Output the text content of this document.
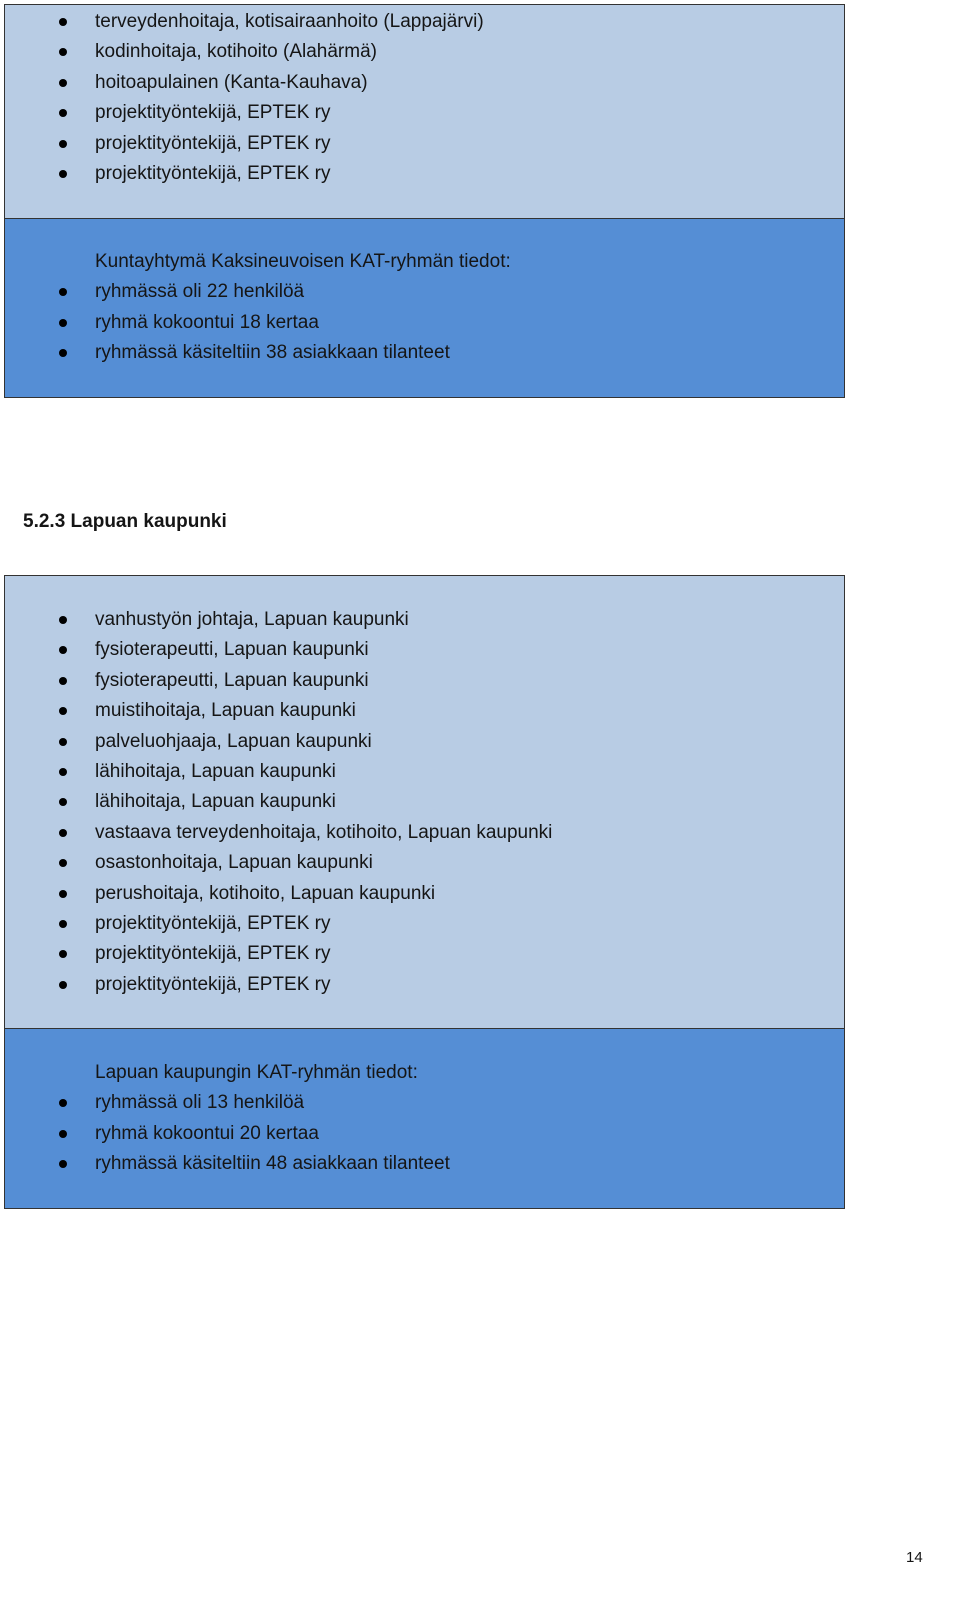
terveydenhoitaja, kotisairaanhoito (Lappajärvi)
kodinhoitaja, kotihoito (Alahärmä)
hoitoapulainen (Kanta-Kauhava)
projektityöntekijä, EPTEK ry
projektityöntekijä, EPTEK ry
projektityöntekijä, EPTEK ry
Kuntayhtymä Kaksineuvoisen KAT-ryhmän tiedot:
ryhmässä oli 22 henkilöä
ryhmä kokoontui 18 kertaa
ryhmässä käsiteltiin 38 asiakkaan tilanteet
5.2.3 Lapuan kaupunki
vanhustyön johtaja, Lapuan kaupunki
fysioterapeutti, Lapuan kaupunki
fysioterapeutti, Lapuan kaupunki
muistihoitaja, Lapuan kaupunki
palveluohjaaja, Lapuan kaupunki
lähihoitaja, Lapuan kaupunki
lähihoitaja, Lapuan kaupunki
vastaava terveydenhoitaja, kotihoito, Lapuan kaupunki
osastonhoitaja, Lapuan kaupunki
perushoitaja, kotihoito, Lapuan kaupunki
projektityöntekijä, EPTEK ry
projektityöntekijä, EPTEK ry
projektityöntekijä, EPTEK ry
Lapuan kaupungin KAT-ryhmän tiedot:
ryhmässä oli 13 henkilöä
ryhmä kokoontui 20 kertaa
ryhmässä käsiteltiin 48 asiakkaan tilanteet
14
